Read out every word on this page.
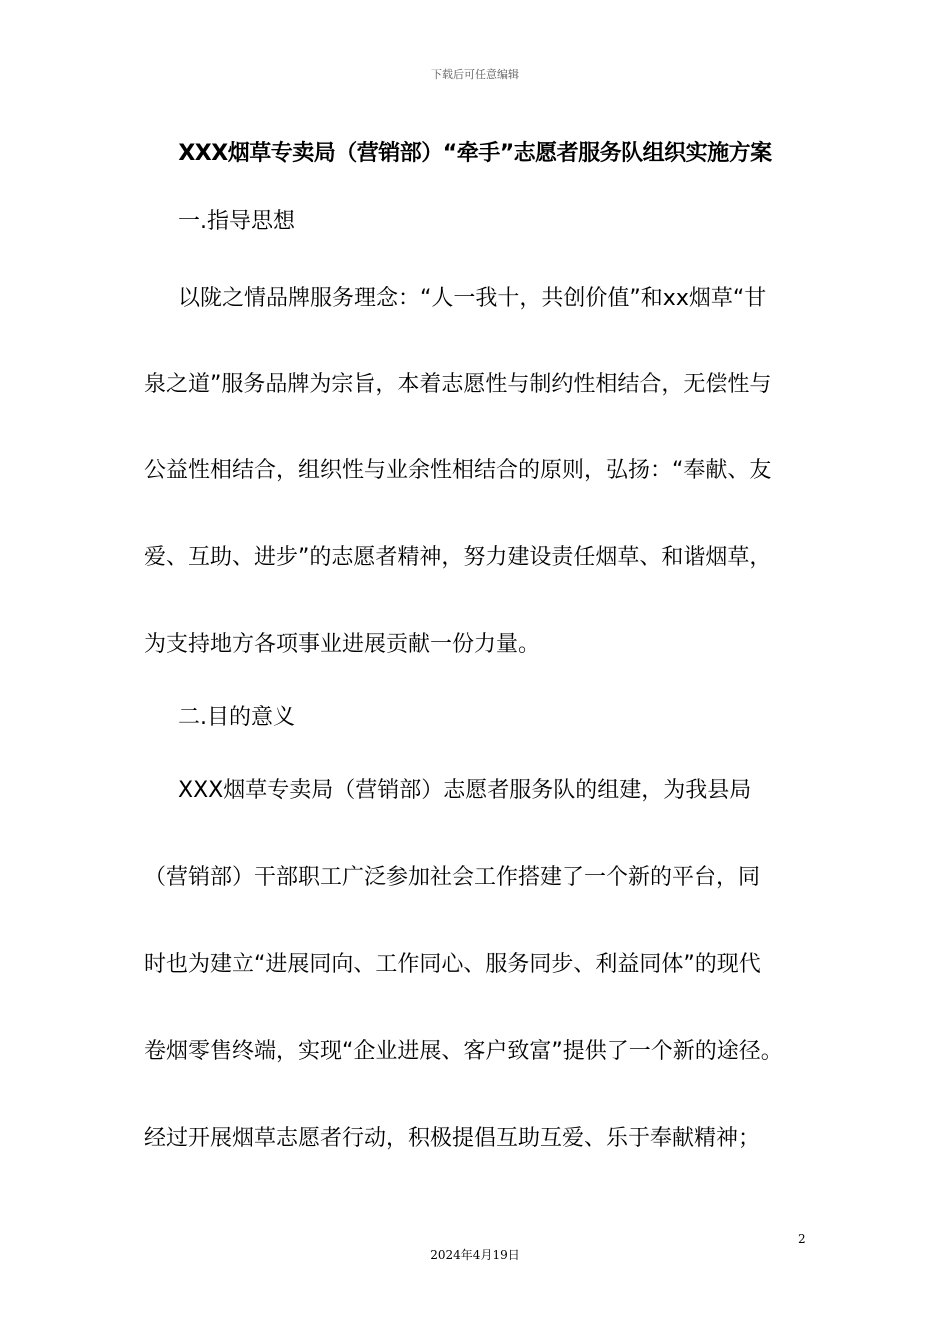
下载后可任意编辑
XXX烟草专卖局（营销部）“牵手”志愿者服务队组织实施方案
一.指导思想
以陇之情品牌服务理念：“人一我十，共创价值”和xx烟草“甘
泉之道”服务品牌为宗旨，本着志愿性与制约性相结合，无偿性与
公益性相结合，组织性与业余性相结合的原则，弘扬：“奉献、友
爱、互助、进步”的志愿者精神，努力建设责任烟草、和谐烟草，
为支持地方各项事业进展贡献一份力量。
二.目的意义
XXX烟草专卖局（营销部）志愿者服务队的组建，为我县局
（营销部）干部职工广泛参加社会工作搭建了一个新的平台，同
时也为建立“进展同向、工作同心、服务同步、利益同体”的现代
卷烟零售终端，实现“企业进展、客户致富”提供了一个新的途径。
经过开展烟草志愿者行动，积极提倡互助互爱、乐于奉献精神；
2
2024年4月19日
